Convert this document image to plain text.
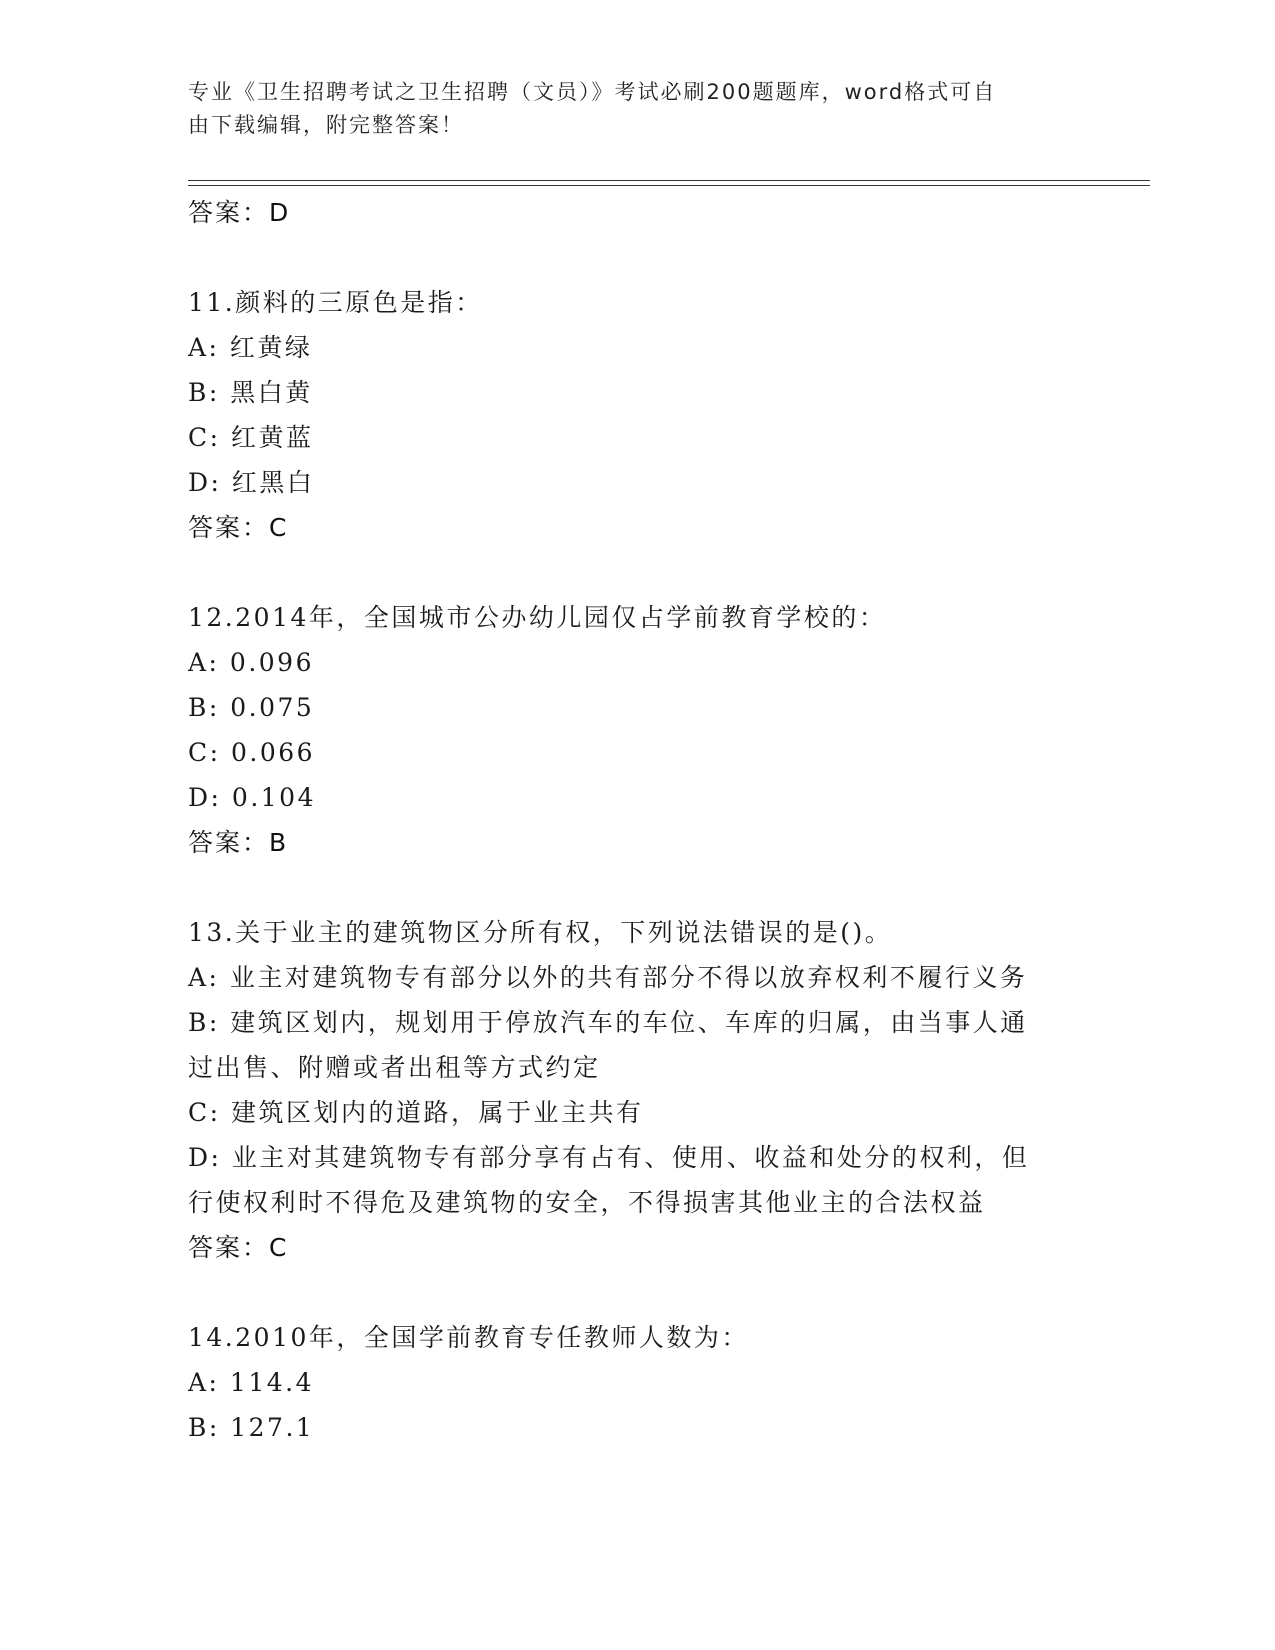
专业《卫生招聘考试之卫生招聘（文员）》考试必刷200题题库，word格式可自
由下载编辑，附完整答案！
答案：D
11.颜料的三原色是指：
A: 红黄绿
B: 黑白黄
C: 红黄蓝
D: 红黑白
答案：C
12.2014年，全国城市公办幼儿园仅占学前教育学校的：
A: 0.096
B: 0.075
C: 0.066
D: 0.104
答案：B
13.关于业主的建筑物区分所有权，下列说法错误的是()。
A: 业主对建筑物专有部分以外的共有部分不得以放弃权利不履行义务
B: 建筑区划内，规划用于停放汽车的车位、车库的归属，由当事人通
过出售、附赠或者出租等方式约定
C: 建筑区划内的道路，属于业主共有
D: 业主对其建筑物专有部分享有占有、使用、收益和处分的权利，但
行使权利时不得危及建筑物的安全，不得损害其他业主的合法权益
答案：C
14.2010年，全国学前教育专任教师人数为：
A: 114.4
B: 127.1
